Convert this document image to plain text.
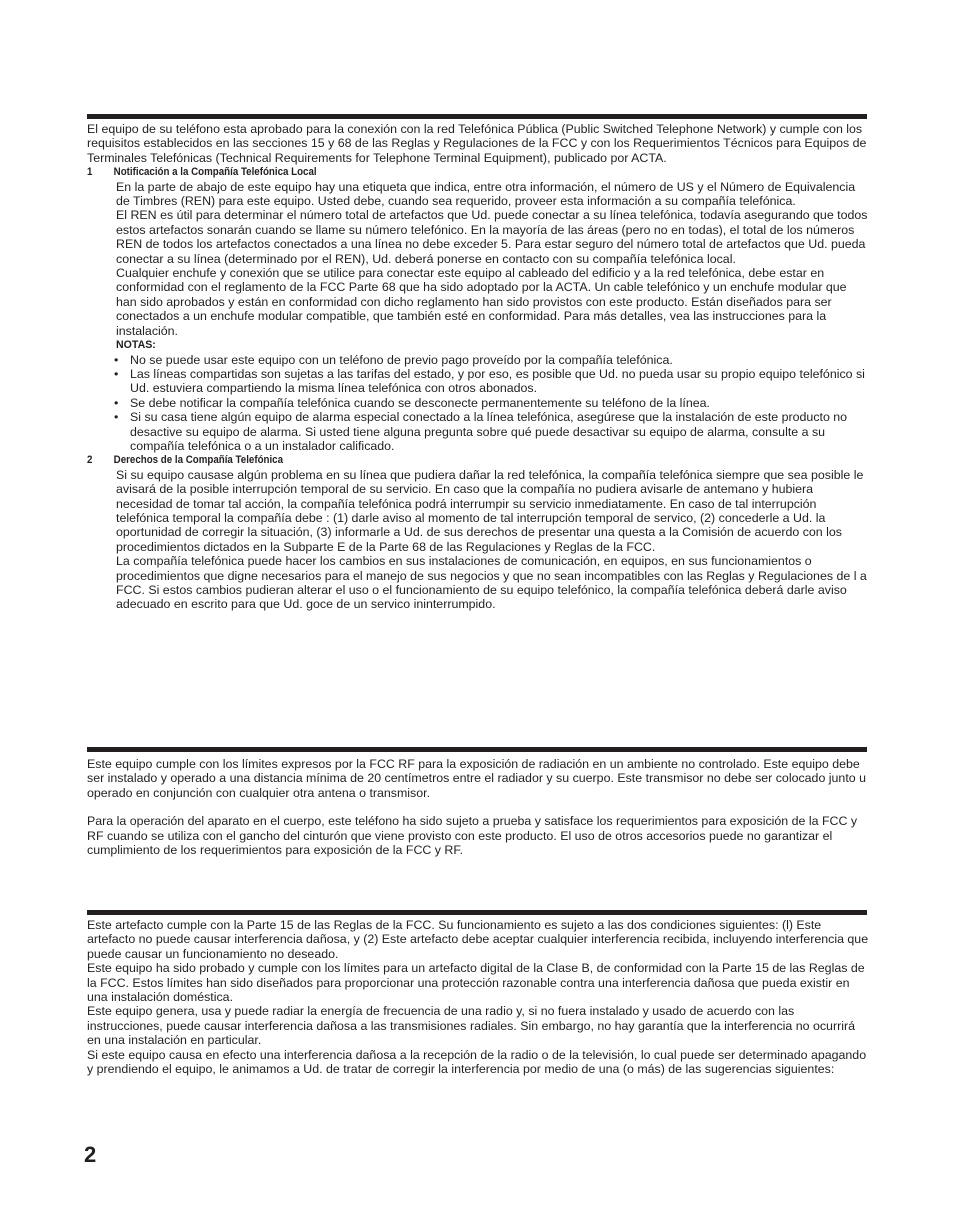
El equipo de su teléfono esta aprobado para la conexión con la red Telefónica Pública (Public Switched Telephone Network) y cumple con los requisitos establecidos en las secciones 15 y 68 de las Reglas y Regulaciones de la FCC y con los Requerimientos Técnicos para Equipos de Terminales Telefónicas (Technical Requirements for Telephone Terminal Equipment), publicado por ACTA.

1	Notificación a la Compañía Telefónica Local

En la parte de abajo de este equipo hay una etiqueta que indica, entre otra información, el número de US y el Número de Equivalencia de Timbres (REN) para este equipo. Usted debe, cuando sea requerido, proveer esta información a su compañía telefónica.

El REN es útil para determinar el número total de artefactos que Ud. puede conectar a su línea telefónica, todavía asegurando que todos estos artefactos sonarán cuando se llame su número telefónico. En la mayoría de las áreas (pero no en todas), el total de los números REN de todos los artefactos conectados a una línea no debe exceder 5. Para estar seguro del número total de artefactos que Ud. pueda conectar a su línea (determinado por el REN), Ud. deberá ponerse en contacto con su compañía telefónica local.

Cualquier enchufe y conexión que se utilice para conectar este equipo al cableado del edificio y a la red telefónica, debe estar en conformidad con el reglamento de la FCC Parte 68 que ha sido adoptado por la ACTA. Un cable telefónico y un enchufe modular que han sido aprobados y están en conformidad con dicho reglamento han sido provistos con este producto. Están diseñados para ser conectados a un enchufe modular compatible, que también esté en conformidad. Para más detalles, vea las instrucciones para la instalación.

NOTAS:
• No se puede usar este equipo con un teléfono de previo pago proveído por la compañía telefónica.
• Las líneas compartidas son sujetas a las tarifas del estado, y por eso, es posible que Ud. no pueda usar su propio equipo telefónico si Ud. estuviera compartiendo la misma línea telefónica con otros abonados.
• Se debe notificar la compañía telefónica cuando se desconecte permanentemente su teléfono de la línea.
• Si su casa tiene algún equipo de alarma especial conectado a la línea telefónica, asegúrese que la instalación de este producto no desactive su equipo de alarma. Si usted tiene alguna pregunta sobre qué puede desactivar su equipo de alarma, consulte a su compañía telefónica o a un instalador calificado.
2	Derechos de la Compañía Telefónica

Si su equipo causase algún problema en su línea que pudiera dañar la red telefónica, la compañía telefónica siempre que sea posible le avisará de la posible interrupción temporal de su servicio. En caso que la compañía no pudiera avisarle de antemano y hubiera necesidad de tomar tal acción, la compañía telefónica podrá interrumpir su servicio inmediatamente. En caso de tal interrupción telefónica temporal la compañía debe : (1) darle aviso al momento de tal interrupción temporal de servico, (2) concederle a Ud. la oportunidad de corregir la situación, (3) informarle a Ud. de sus derechos de presentar una questa a la Comisión de acuerdo con los procedimientos dictados en la Subparte E de la Parte 68 de las Regulaciones y Reglas de la FCC.

La compañía telefónica puede hacer los cambios en sus instalaciones de comunicación, en equipos, en sus funcionamientos o procedimientos que digne necesarios para el manejo de sus negocios y que no sean incompatibles con las Reglas y Regulaciones de l a FCC. Si estos cambios pudieran alterar el uso o el funcionamiento de su equipo telefónico, la compañía telefónica deberá darle aviso adecuado en escrito para que Ud. goce de un servico ininterrumpido.

Este equipo cumple con los límites expresos por la FCC RF para la exposición de radiación en un ambiente no controlado. Este equipo debe ser instalado y operado a una distancia mínima de 20 centímetros entre el radiador y su cuerpo. Este transmisor no debe ser colocado junto u operado en conjunción con cualquier otra antena o transmisor.

Para la operación del aparato en el cuerpo, este teléfono ha sido sujeto a prueba y satisface los requerimientos para exposición de la FCC y RF cuando se utiliza con el gancho del cinturón que viene provisto con este producto. El uso de otros accesorios puede no garantizar el cumplimiento de los requerimientos para exposición de la FCC y RF.

Este artefacto cumple con la Parte 15 de las Reglas de la FCC. Su funcionamiento es sujeto a las dos condiciones siguientes: (l) Este artefacto no puede causar interferencia dañosa, y (2) Este artefacto debe aceptar cualquier interferencia recibida, incluyendo interferencia que puede causar un funcionamiento no deseado.

Este equipo ha sido probado y cumple con los límites para un artefacto digital de la Clase B, de conformidad con la Parte 15 de las Reglas de la FCC. Estos límites han sido diseñados para proporcionar una protección razonable contra una interferencia dañosa que pueda existir en una instalación doméstica.

Este equipo genera, usa y puede radiar la energía de frecuencia de una radio y, si no fuera instalado y usado de acuerdo con las instrucciones, puede causar interferencia dañosa a las transmisiones radiales. Sin embargo, no hay garantía que la interferencia no ocurrirá en una instalación en particular.

Si este equipo causa en efecto una interferencia dañosa a la recepción de la radio o de la televisión, lo cual puede ser determinado apagando y prendiendo el equipo, le animamos a Ud. de tratar de corregir la interferencia por medio de una (o más) de las sugerencias siguientes:

2
